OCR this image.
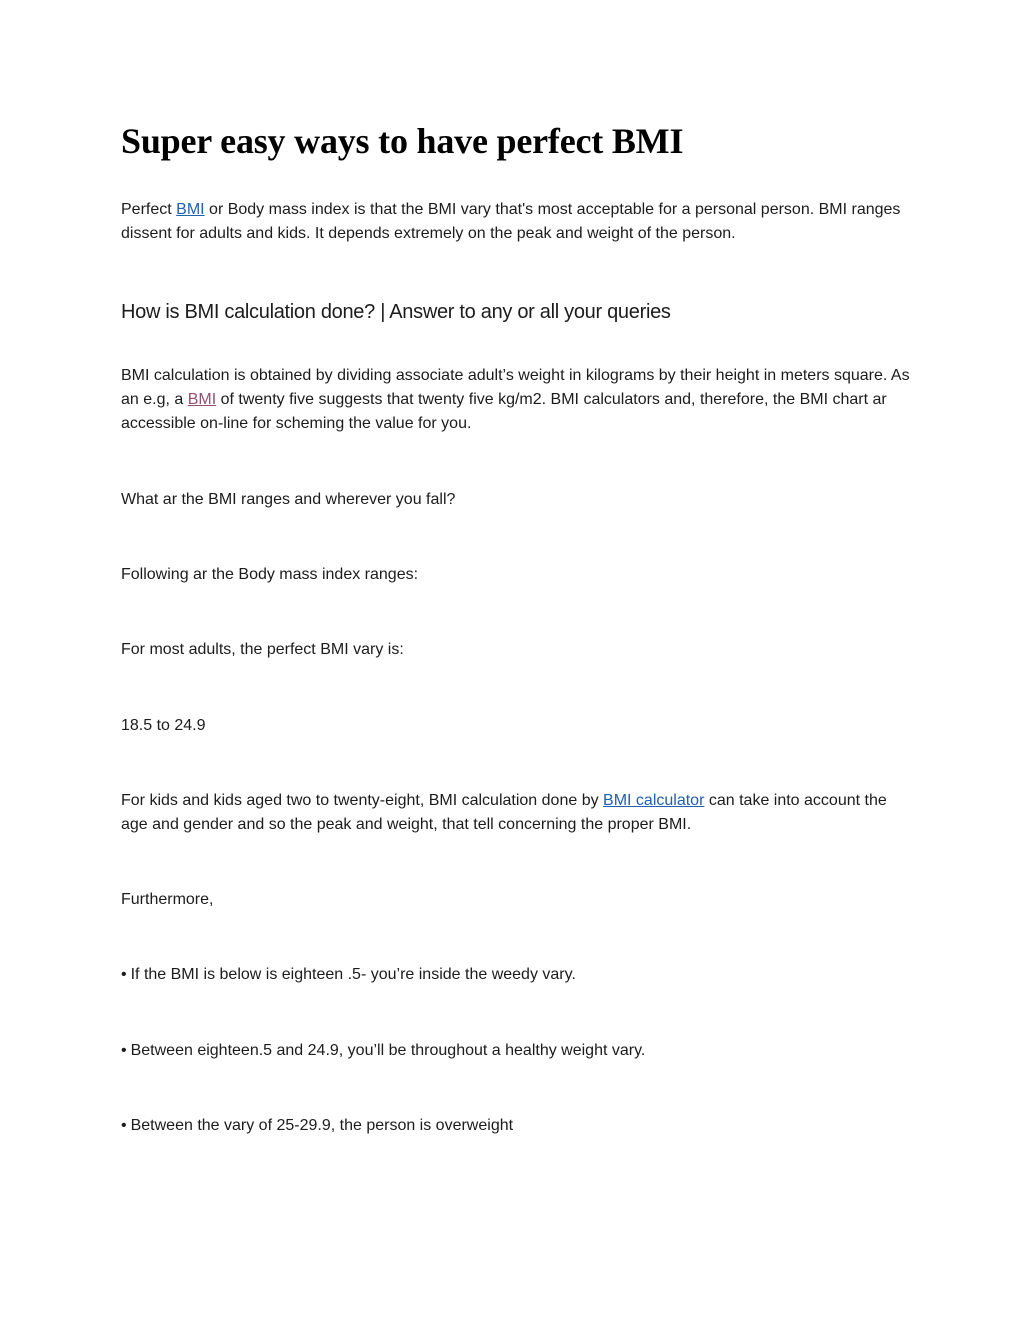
Super easy ways to have perfect BMI

Perfect BMI or Body mass index is that the BMI vary that's most acceptable for a personal person. BMI ranges dissent for adults and kids. It depends extremely on the peak and weight of the person.

How is BMI calculation done? | Answer to any or all your queries

BMI calculation is obtained by dividing associate adult’s weight in kilograms by their height in meters square. As an e.g, a BMI of twenty five suggests that twenty five kg/m2. BMI calculators and, therefore, the BMI chart ar accessible on-line for scheming the value for you.

What ar the BMI ranges and wherever you fall?

Following ar the Body mass index ranges:

For most adults, the perfect BMI vary is:

18.5 to 24.9

For kids and kids aged two to twenty-eight, BMI calculation done by BMI calculator can take into account the age and gender and so the peak and weight, that tell concerning the proper BMI.

Furthermore,

• If the BMI is below is eighteen .5- you’re inside the weedy vary.

• Between eighteen.5 and 24.9, you’ll be throughout a healthy weight vary.

• Between the vary of 25-29.9, the person is overweight
